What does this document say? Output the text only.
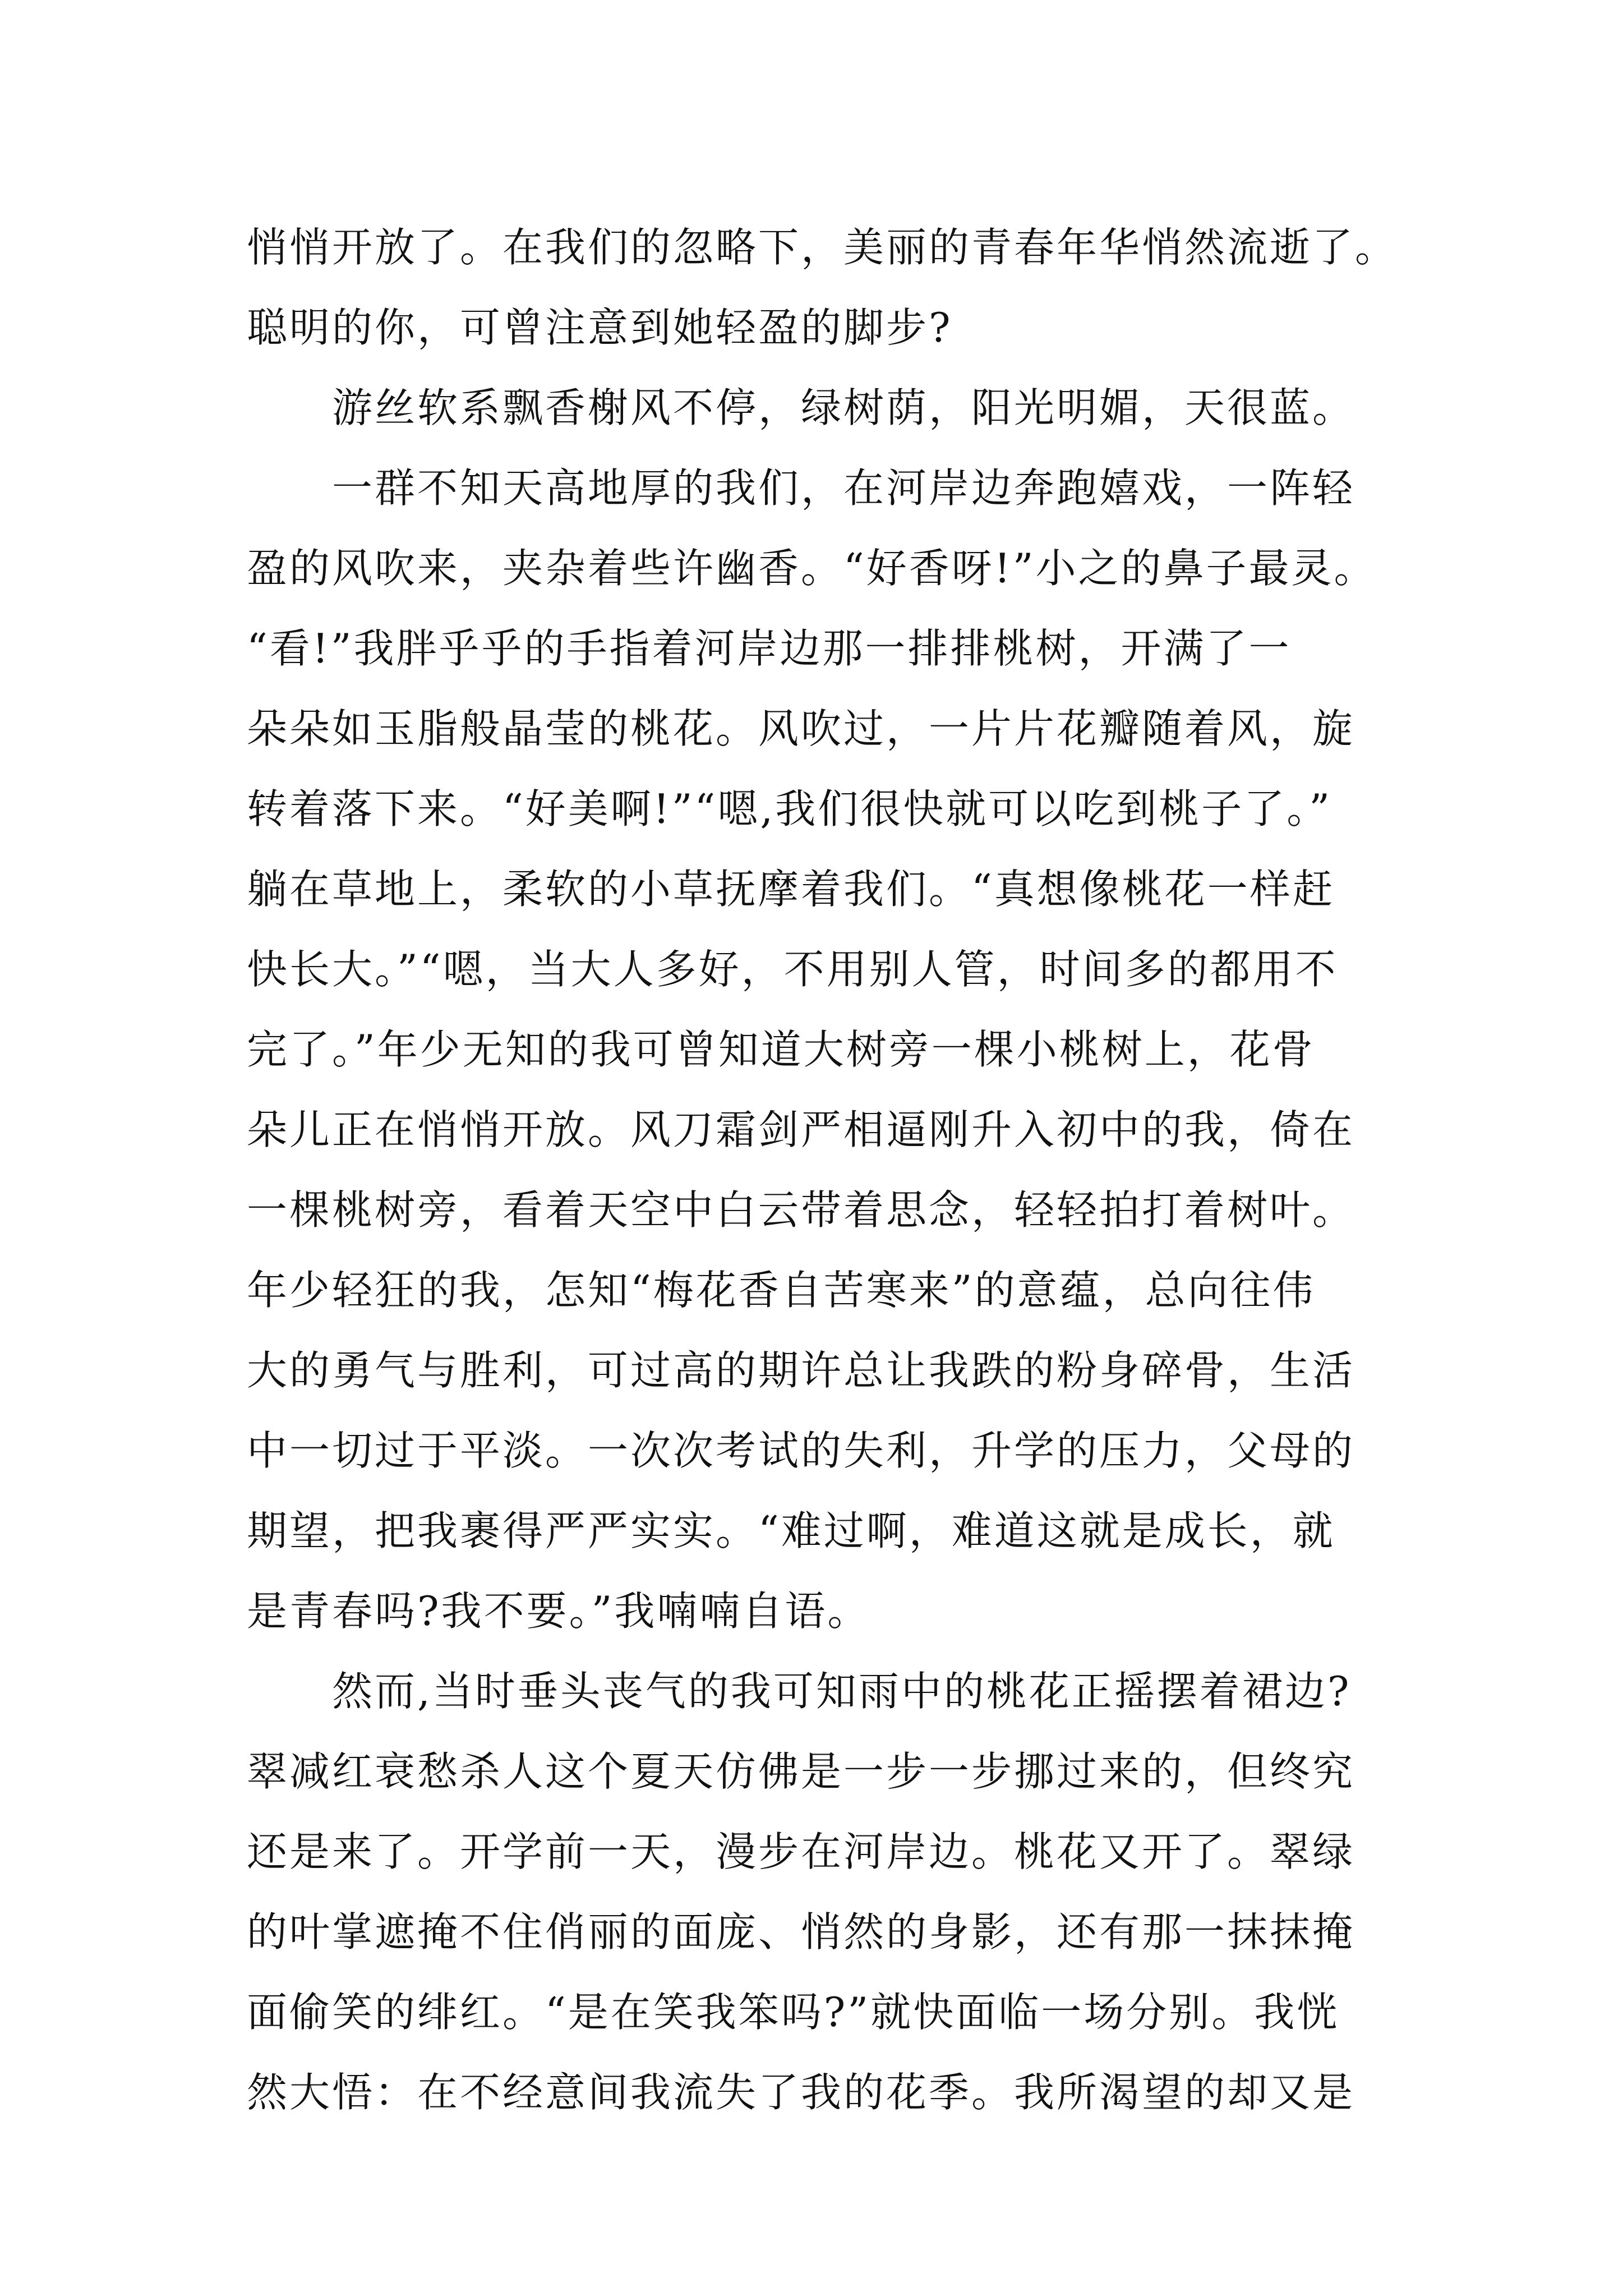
悄悄开放了。在我们的忽略下，美丽的青春年华悄然流逝了。
聪明的你，可曾注意到她轻盈的脚步?
　　游丝软系飘香榭风不停，绿树荫，阳光明媚，天很蓝。
　　一群不知天高地厚的我们，在河岸边奔跑嬉戏，一阵轻
盈的风吹来，夹杂着些许幽香。“好香呀!”小之的鼻子最灵。
“看!”我胖乎乎的手指着河岸边那一排排桃树，开满了一
朵朵如玉脂般晶莹的桃花。风吹过，一片片花瓣随着风，旋
转着落下来。“好美啊!”“嗯,我们很快就可以吃到桃子了。”
躺在草地上，柔软的小草抚摩着我们。“真想像桃花一样赶
快长大。”“嗯，当大人多好，不用别人管，时间多的都用不
完了。”年少无知的我可曾知道大树旁一棵小桃树上，花骨
朵儿正在悄悄开放。风刀霜剑严相逼刚升入初中的我，倚在
一棵桃树旁，看着天空中白云带着思念，轻轻拍打着树叶。
年少轻狂的我，怎知“梅花香自苦寒来”的意蕴，总向往伟
大的勇气与胜利，可过高的期许总让我跌的粉身碎骨，生活
中一切过于平淡。一次次考试的失利，升学的压力，父母的
期望，把我裹得严严实实。“难过啊，难道这就是成长，就
是青春吗?我不要。”我喃喃自语。
　　然而,当时垂头丧气的我可知雨中的桃花正摇摆着裙边?
翠减红衰愁杀人这个夏天仿佛是一步一步挪过来的，但终究
还是来了。开学前一天，漫步在河岸边。桃花又开了。翠绿
的叶掌遮掩不住俏丽的面庞、悄然的身影，还有那一抹抹掩
面偷笑的绯红。“是在笑我笨吗?”就快面临一场分别。我恍
然大悟：在不经意间我流失了我的花季。我所渴望的却又是
